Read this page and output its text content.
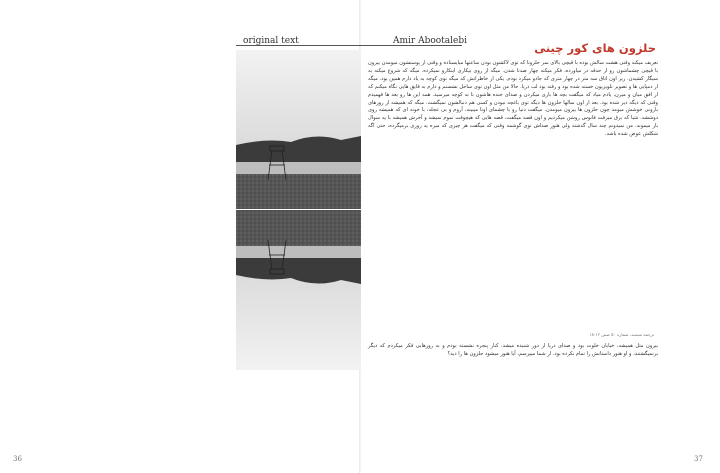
original text	Amir Abootalebi	حلزون های کور چینی
تعریف میکنه وقتی هشت سالش بوده با قیچی بالای سر حلزونا که توی لاکشون بودن ساعتها میایستاده و وقتی از پوستشون میومدن بیرون با قیچی چشماشون رو از حدقه در میاورده، فکر میکنه چهار صدتا شدن. میگه از روی بیکاری اینکارو نمیکرده. میگه که شروع میکنه به سیگار کشیدن. زیر اون اتاق سه متر در چهار متری که جادو میکرد بودم. یکی از خاطراتش که میگه توی کوچه به یاد دارم همین بود. میگه از دمپایی ها و تصویر تلویزیون خسته شده بود و رفته بود لب دریا. حالا من مثل اون توی ساحل نشستم و دارم به قایق هایی نگاه میکنم که از افق میان و میرن، یادم میاد که میگفت بچه ها بازی میکردن و صدای خنده هاشون تا ته کوچه میرسید. همه این ها رو بعد ها فهمیدم وقتی که دیگه دیر شده بود. بعد از اون سالها حلزون ها دیگه توی باغچه نبودن و کسی هم دنبالشون نمیگشت. میگه که همیشه از روزهای بارونی خوشش میومد چون حلزون ها بیرون میومدن. میگفت دنیا رو با چشمای اونا میبینه، آروم و بی عجله، با خونه ای که همیشه روی دوششه. شبا که برق میرفت فانوس روشن میکردیم و اون قصه میگفت، قصه هایی که هیچوقت تموم نمیشد و آخرش همیشه با یه سوال باز میموند. من نمیدونم چند سال گذشته ولی هنوز صداش توی گوشمه وقتی که میگفت هر چیزی که میره یه روزی برمیگرده، حتی اگه شکلش عوض شده باشه.
ترجمه مستند، شماره ۵۰ صص ۱۲-۱۸
بیرون مثل همیشه، خیابان خلوت بود و صدای دریا از دور شنیده میشد. کنار پنجره نشسته بودم و به روزهایی فکر میکردم که دیگر برنمیگشتند، و او هنوز داستانش را تمام نکرده بود. از شما میپرسم، آیا هنوز میشود حلزون ها را دید؟
36	37
